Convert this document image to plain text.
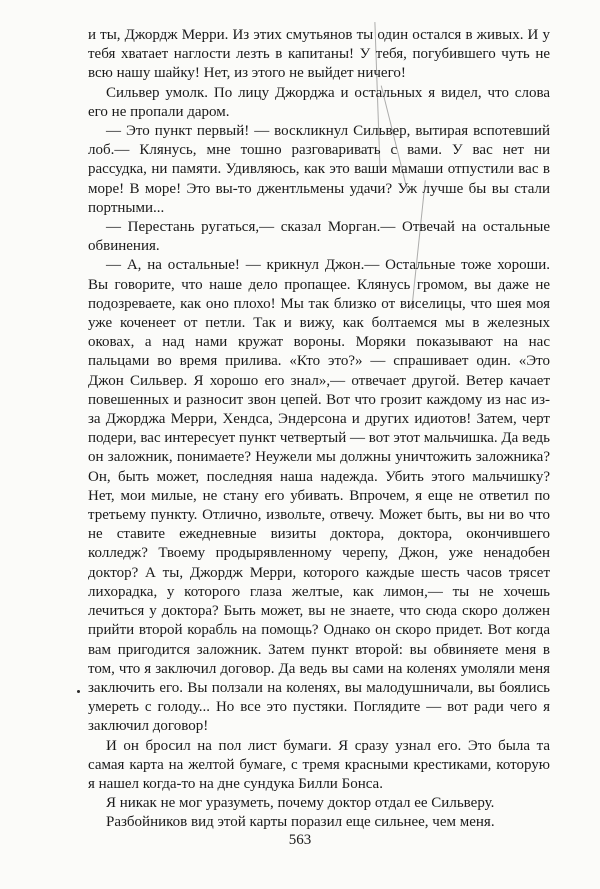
и ты, Джордж Мерри. Из этих смутьянов ты один остался в живых. И у тебя хватает наглости лезть в капитаны! У тебя, погубившего чуть не всю нашу шайку! Нет, из этого не выйдет ничего!

Сильвер умолк. По лицу Джорджа и остальных я видел, что слова его не пропали даром.

— Это пункт первый! — воскликнул Сильвер, вытирая вспотевший лоб.— Клянусь, мне тошно разговаривать с вами. У вас нет ни рассудка, ни памяти. Удивляюсь, как это ваши мамаши отпустили вас в море! В море! Это вы-то джентльмены удачи? Уж лучше бы вы стали портными...

— Перестань ругаться,— сказал Морган.— Отвечай на остальные обвинения.

— А, на остальные! — крикнул Джон.— Остальные тоже хороши. Вы говорите, что наше дело пропащее. Клянусь громом, вы даже не подозреваете, как оно плохо! Мы так близко от виселицы, что шея моя уже коченеет от петли. Так и вижу, как болтаемся мы в железных оковах, а над нами кружат вороны. Моряки показывают на нас пальцами во время прилива. «Кто это?» — спрашивает один. «Это Джон Сильвер. Я хорошо его знал»,— отвечает другой. Ветер качает повешенных и разносит звон цепей. Вот что грозит каждому из нас из-за Джорджа Мерри, Хендса, Эндерсона и других идиотов! Затем, черт подери, вас интересует пункт четвертый — вот этот мальчишка. Да ведь он заложник, понимаете? Неужели мы должны уничтожить заложника? Он, быть может, последняя наша надежда. Убить этого мальчишку? Нет, мои милые, не стану его убивать. Впрочем, я еще не ответил по третьему пункту. Отлично, извольте, отвечу. Может быть, вы ни во что не ставите ежедневные визиты доктора, доктора, окончившего колледж? Твоему продырявленному черепу, Джон, уже ненадобен доктор? А ты, Джордж Мерри, которого каждые шесть часов трясет лихорадка, у которого глаза желтые, как лимон,— ты не хочешь лечиться у доктора? Быть может, вы не знаете, что сюда скоро должен прийти второй корабль на помощь? Однако он скоро придет. Вот когда вам пригодится заложник. Затем пункт второй: вы обвиняете меня в том, что я заключил договор. Да ведь вы сами на коленях умоляли меня заключить его. Вы ползали на коленях, вы малодушничали, вы боялись умереть с голоду... Но все это пустяки. Поглядите — вот ради чего я заключил договор!

И он бросил на пол лист бумаги. Я сразу узнал его. Это была та самая карта на желтой бумаге, с тремя красными крестиками, которую я нашел когда-то на дне сундука Билли Бонса.

Я никак не мог уразуметь, почему доктор отдал ее Сильверу.

Разбойников вид этой карты поразил еще сильнее, чем меня.

563
